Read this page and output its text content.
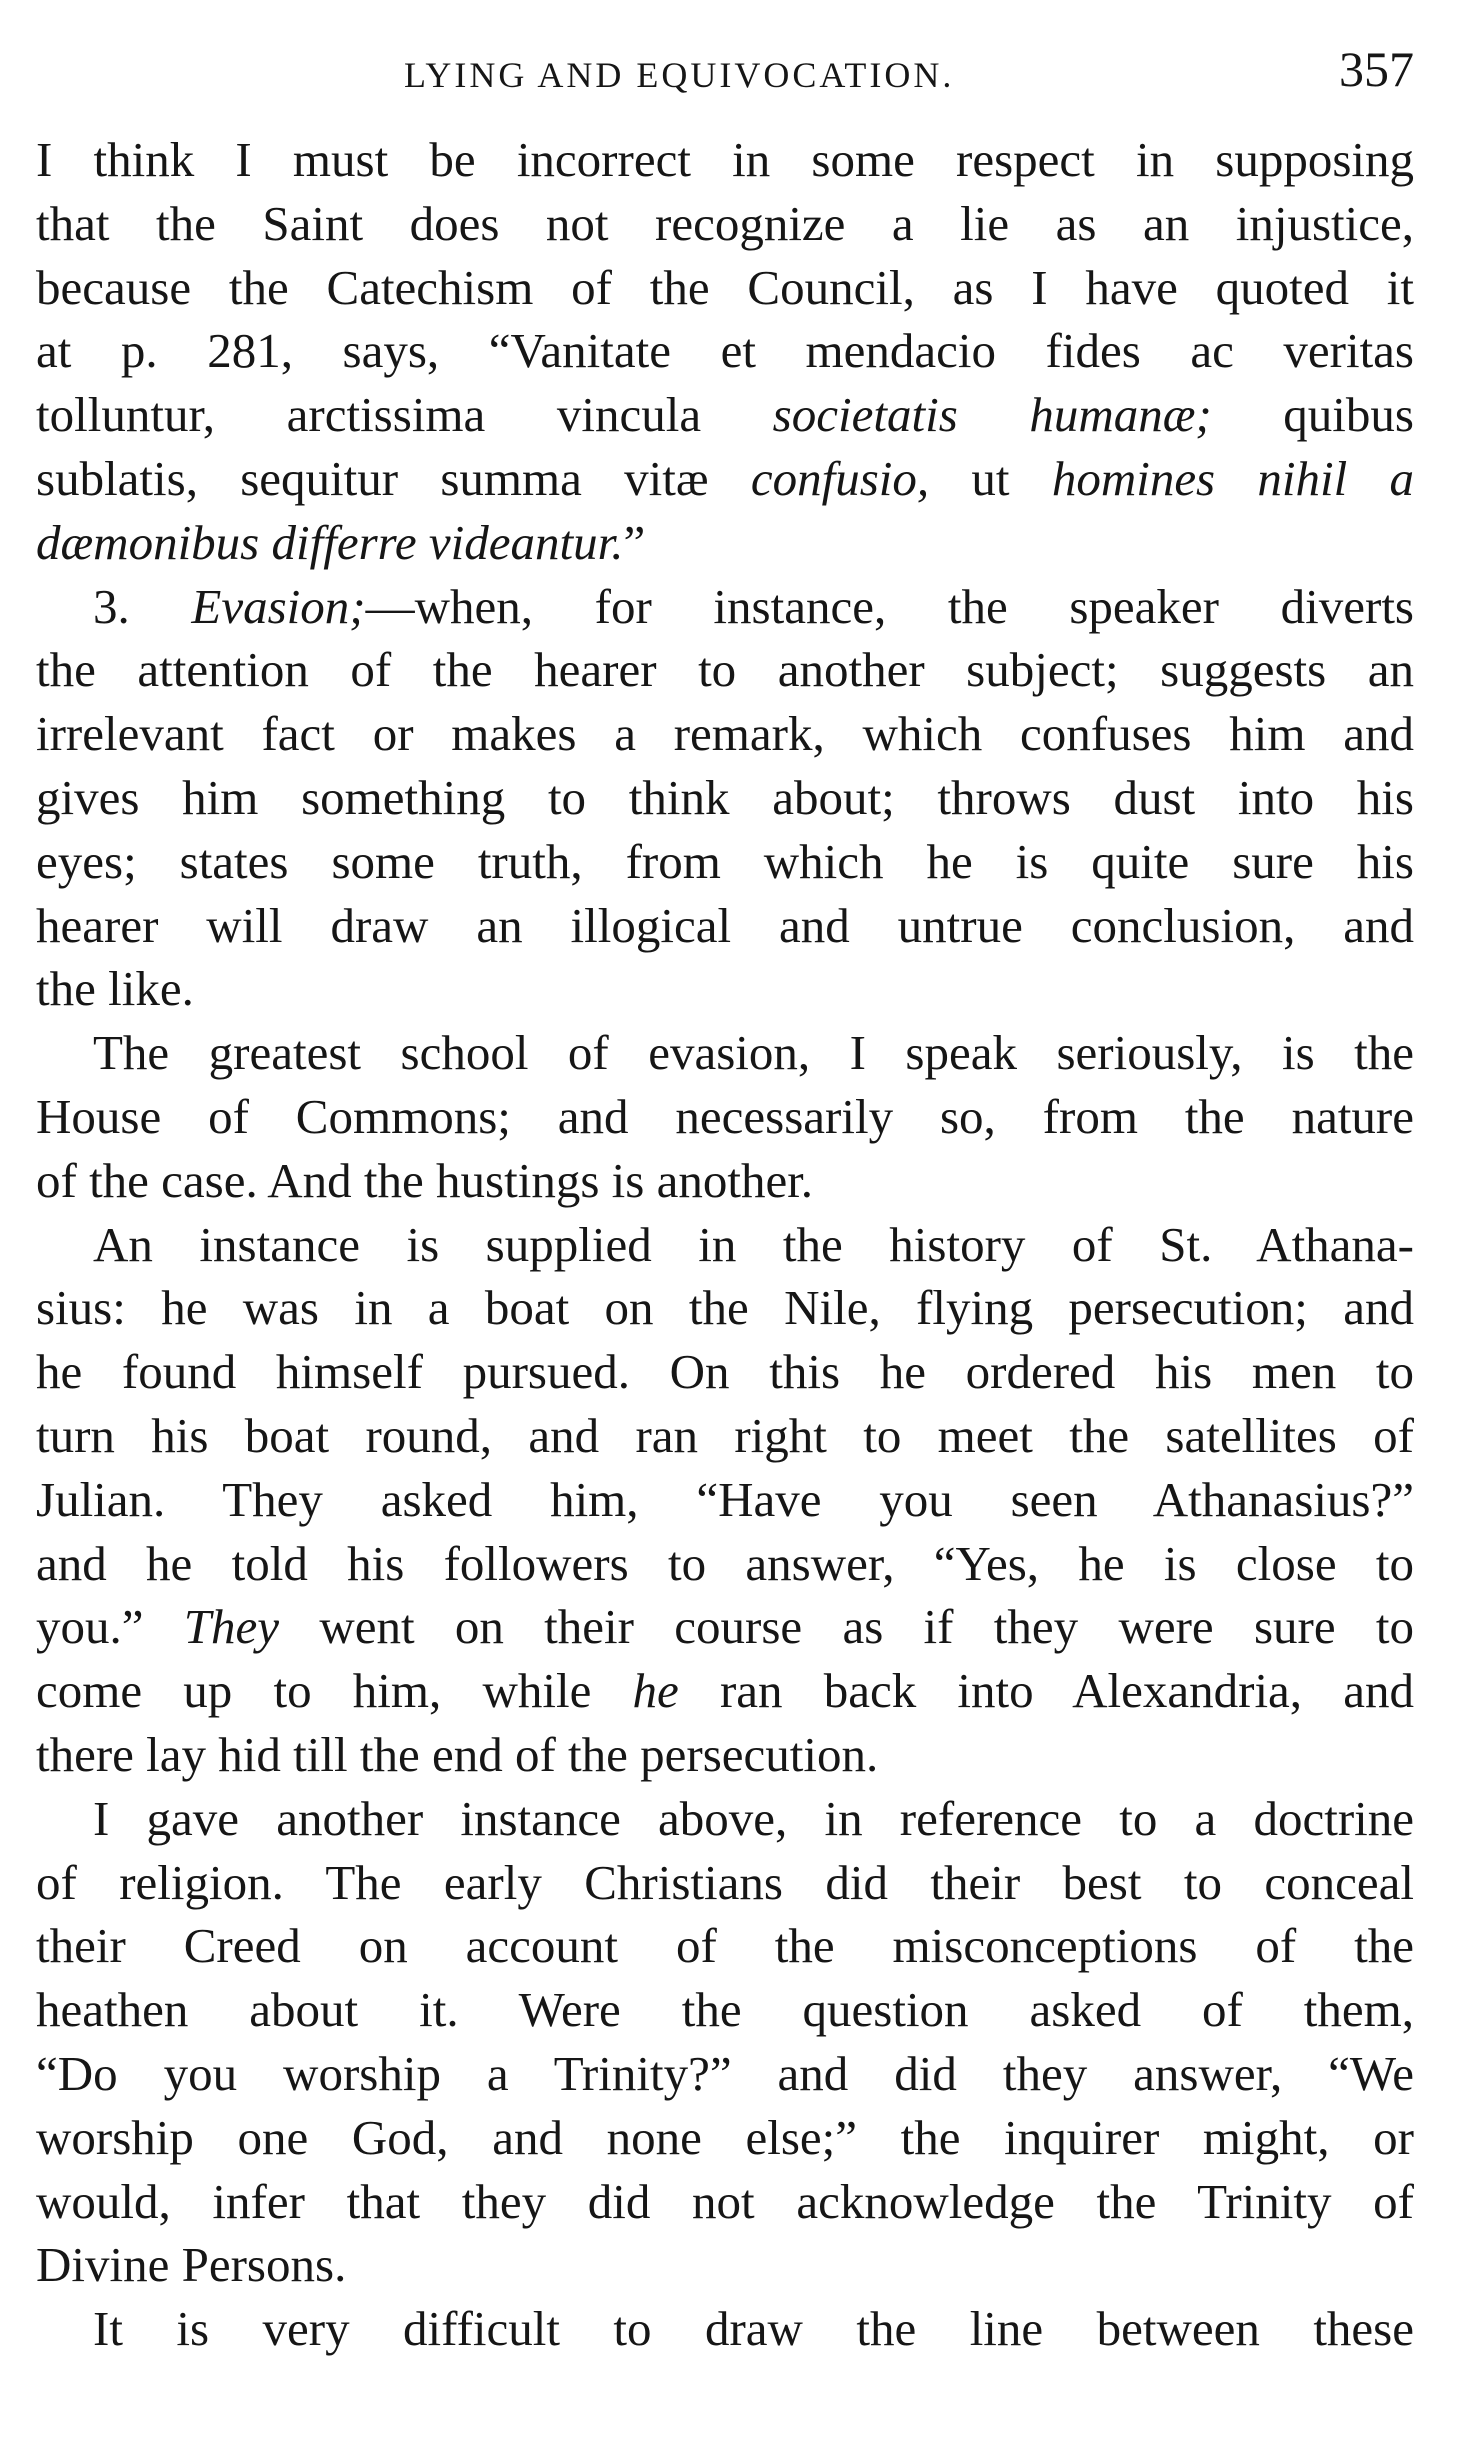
LYING AND EQUIVOCATION.	357

I think I must be incorrect in some respect in supposing

that the Saint does not recognize a lie as an injustice,

because the Catechism of the Council, as I have quoted it

at p. 281, says, “Vanitate et mendacio fides ac veritas

tolluntur, arctissima vincula societatis humanæ; quibus

sublatis, sequitur summa vitæ confusio, ut homines nihil a

dæmonibus differre videantur.”

3. Evasion;—when, for instance, the speaker diverts

the attention of the hearer to another subject; suggests an

irrelevant fact or makes a remark, which confuses him and

gives him something to think about; throws dust into his

eyes; states some truth, from which he is quite sure his

hearer will draw an illogical and untrue conclusion, and

the like.

The greatest school of evasion, I speak seriously, is the

House of Commons; and necessarily so, from the nature

of the case. And the hustings is another.

An instance is supplied in the history of St. Athana-

sius: he was in a boat on the Nile, flying persecution; and

he found himself pursued. On this he ordered his men to

turn his boat round, and ran right to meet the satellites of

Julian. They asked him, “Have you seen Athanasius?”

and he told his followers to answer, “Yes, he is close to

you.” They went on their course as if they were sure to

come up to him, while he ran back into Alexandria, and

there lay hid till the end of the persecution.

I gave another instance above, in reference to a doctrine

of religion. The early Christians did their best to conceal

their Creed on account of the misconceptions of the

heathen about it. Were the question asked of them,

“Do you worship a Trinity?” and did they answer, “We

worship one God, and none else;” the inquirer might, or

would, infer that they did not acknowledge the Trinity of

Divine Persons.

It is very difficult to draw the line between these
